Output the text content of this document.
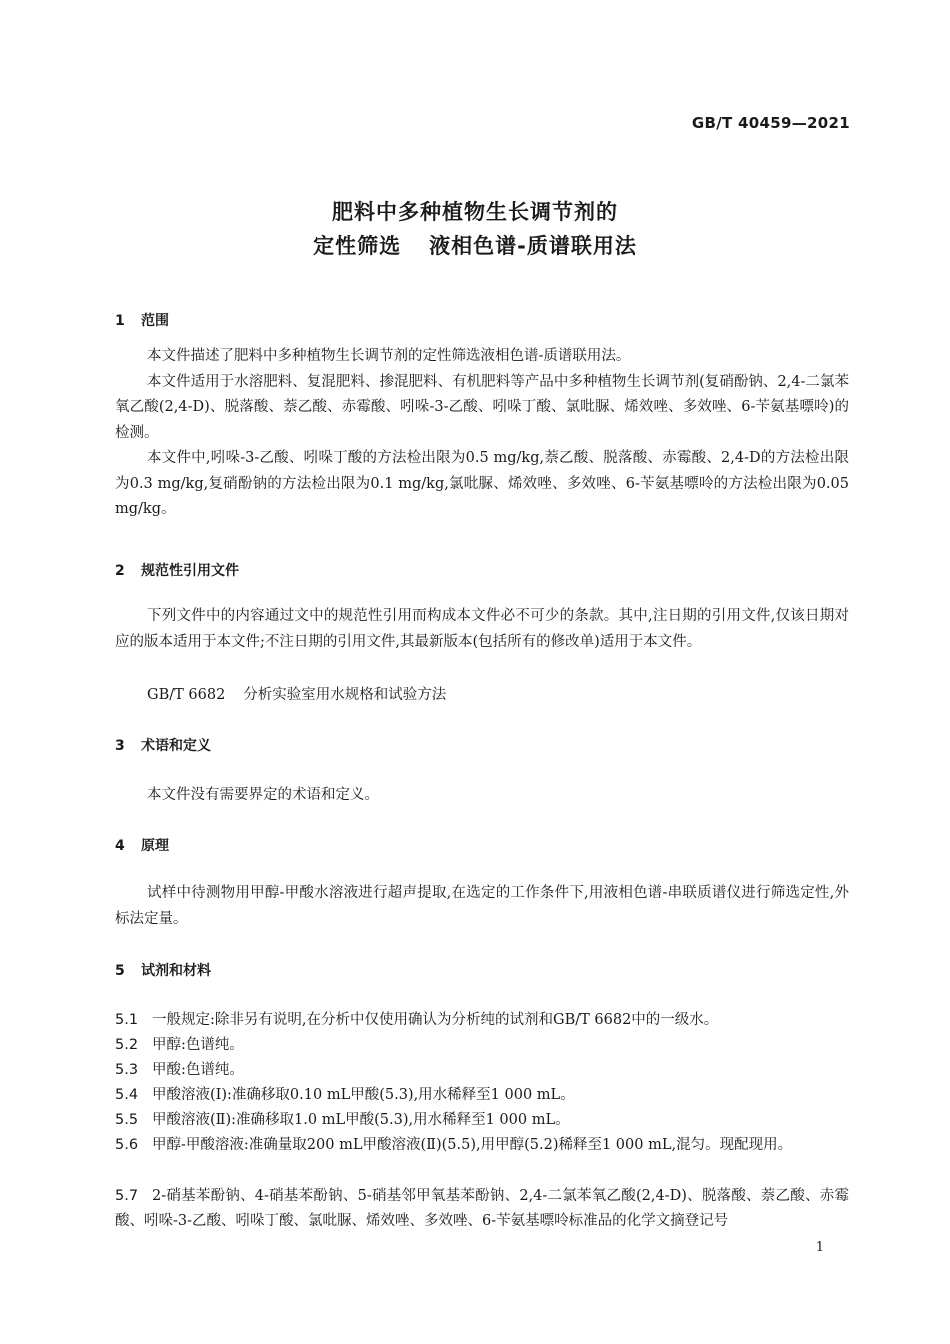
GB/T 40459—2021
肥料中多种植物生长调节剂的
定性筛选 液相色谱-质谱联用法
1 范围

本文件描述了肥料中多种植物生长调节剂的定性筛选液相色谱-质谱联用法。

本文件适用于水溶肥料、复混肥料、掺混肥料、有机肥料等产品中多种植物生长调节剂(复硝酚钠、2,4-二氯苯氧乙酸(2,4-D)、脱落酸、萘乙酸、赤霉酸、吲哚-3-乙酸、吲哚丁酸、氯吡脲、烯效唑、多效唑、6-苄氨基嘌呤)的检测。

本文件中,吲哚-3-乙酸、吲哚丁酸的方法检出限为0.5 mg/kg,萘乙酸、脱落酸、赤霉酸、2,4-D的方法检出限为0.3 mg/kg,复硝酚钠的方法检出限为0.1 mg/kg,氯吡脲、烯效唑、多效唑、6-苄氨基嘌呤的方法检出限为0.05 mg/kg。

2 规范性引用文件

下列文件中的内容通过文中的规范性引用而构成本文件必不可少的条款。其中,注日期的引用文件,仅该日期对应的版本适用于本文件;不注日期的引用文件,其最新版本(包括所有的修改单)适用于本文件。

GB/T 6682 分析实验室用水规格和试验方法
3 术语和定义

本文件没有需要界定的术语和定义。

4 原理

试样中待测物用甲醇-甲酸水溶液进行超声提取,在选定的工作条件下,用液相色谱-串联质谱仪进行筛选定性,外标法定量。

5 试剂和材料
5.1 一般规定:除非另有说明,在分析中仅使用确认为分析纯的试剂和GB/T 6682中的一级水。
5.2 甲醇:色谱纯。
5.3 甲酸:色谱纯。
5.4 甲酸溶液(Ⅰ):准确移取0.10 mL甲酸(5.3),用水稀释至1 000 mL。
5.5 甲酸溶液(Ⅱ):准确移取1.0 mL甲酸(5.3),用水稀释至1 000 mL。
5.6 甲醇-甲酸溶液:准确量取200 mL甲酸溶液(Ⅱ)(5.5),用甲醇(5.2)稀释至1 000 mL,混匀。现配现用。
5.7 2-硝基苯酚钠、4-硝基苯酚钠、5-硝基邻甲氧基苯酚钠、2,4-二氯苯氧乙酸(2,4-D)、脱落酸、萘乙酸、赤霉酸、吲哚-3-乙酸、吲哚丁酸、氯吡脲、烯效唑、多效唑、6-苄氨基嘌呤标准品的化学文摘登记号
1
